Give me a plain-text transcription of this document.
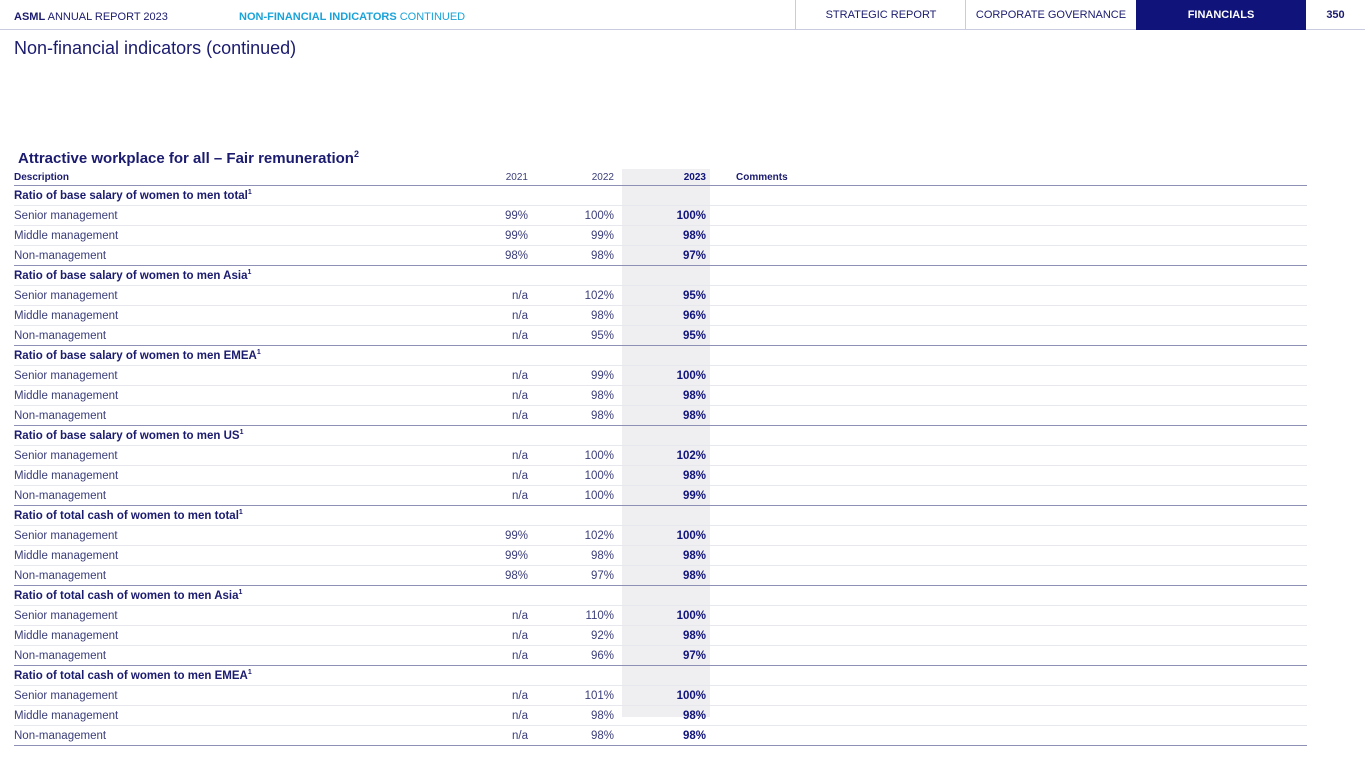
ASML ANNUAL REPORT 2023	NON-FINANCIAL INDICATORS CONTINUED	STRATEGIC REPORT	CORPORATE GOVERNANCE	FINANCIALS	350
Non-financial indicators (continued)
Attractive workplace for all – Fair remuneration$^2$
Description	2021	2022	2023	Comments
Ratio of base salary of women to men total$^1$				
Senior management	99%	100%	100%	
Middle management	99%	99%	98%	
Non-management	98%	98%	97%	
Ratio of base salary of women to men Asia$^1$				
Senior management	n/a	102%	95%	
Middle management	n/a	98%	96%	
Non-management	n/a	95%	95%	
Ratio of base salary of women to men EMEA$^1$				
Senior management	n/a	99%	100%	
Middle management	n/a	98%	98%	
Non-management	n/a	98%	98%	
Ratio of base salary of women to men $US^1$				
Senior management	n/a	100%	102%	
Middle management	n/a	100%	98%	
Non-management	n/a	100%	99%	
Ratio of total cash of women to men total$^1$				
Senior management	99%	102%	100%	
Middle management	99%	98%	98%	
Non-management	98%	97%	98%	
Ratio of total cash of women to men Asia$^1$				
Senior management	n/a	110%	100%	
Middle management	n/a	92%	98%	
Non-management	n/a	96%	97%	
Ratio of total cash of women to men EMEA$^1$				
Senior management	n/a	101%	100%	
Middle management	n/a	98%	98%	
Non-management	n/a	98%	98%	
